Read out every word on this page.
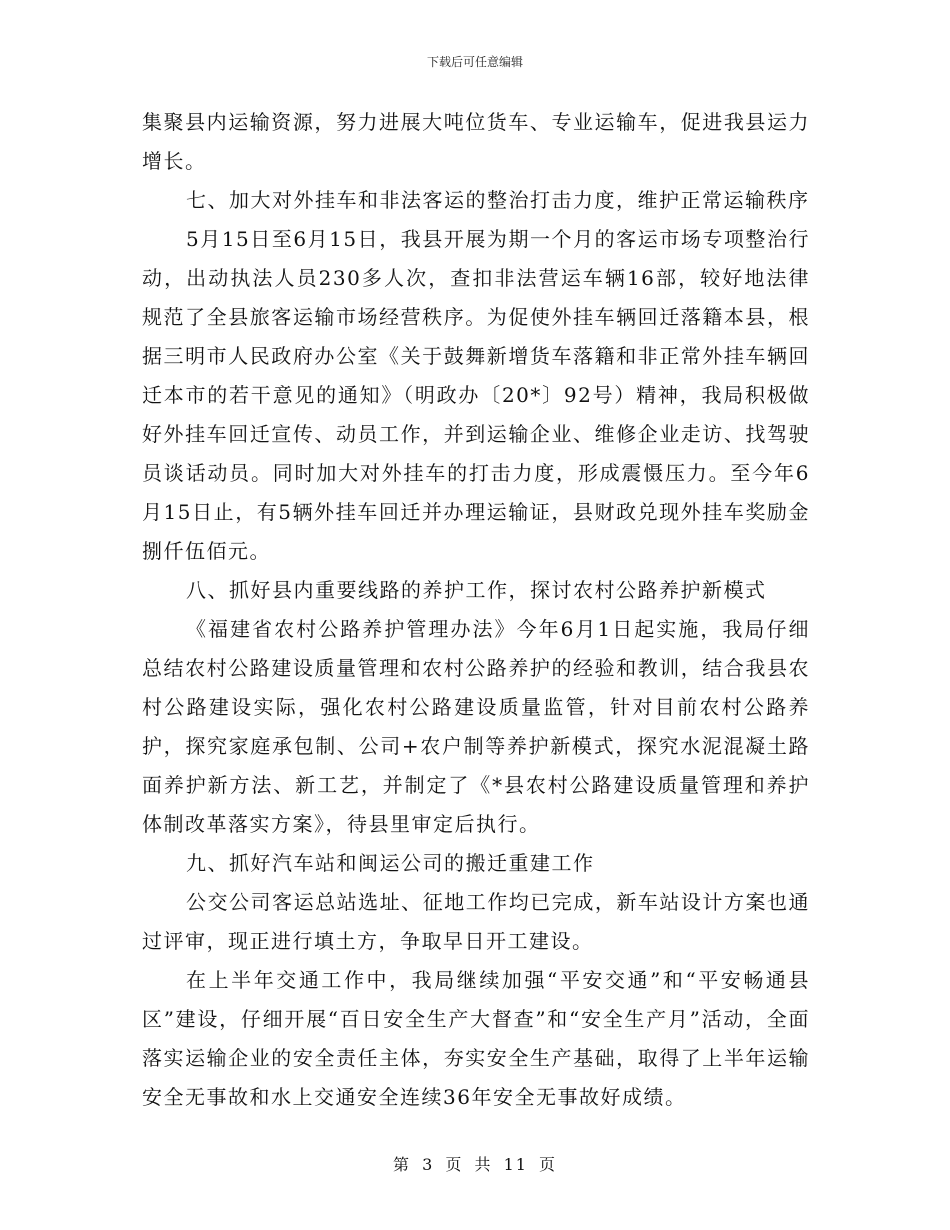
下载后可任意编辑

集聚县内运输资源，努力进展大吨位货车、专业运输车，促进我县运力增长。

七、加大对外挂车和非法客运的整治打击力度，维护正常运输秩序

5月15日至6月15日，我县开展为期一个月的客运市场专项整治行动，出动执法人员230多人次，查扣非法营运车辆16部，较好地法律规范了全县旅客运输市场经营秩序。为促使外挂车辆回迁落籍本县，根据三明市人民政府办公室《关于鼓舞新增货车落籍和非正常外挂车辆回迁本市的若干意见的通知》（明政办〔20*〕92号）精神，我局积极做好外挂车回迁宣传、动员工作，并到运输企业、维修企业走访、找驾驶员谈话动员。同时加大对外挂车的打击力度，形成震慑压力。至今年6月15日止，有5辆外挂车回迁并办理运输证，县财政兑现外挂车奖励金捌仟伍佰元。

八、抓好县内重要线路的养护工作，探讨农村公路养护新模式

《福建省农村公路养护管理办法》今年6月1日起实施，我局仔细总结农村公路建设质量管理和农村公路养护的经验和教训，结合我县农村公路建设实际，强化农村公路建设质量监管，针对目前农村公路养护，探究家庭承包制、公司+农户制等养护新模式，探究水泥混凝土路面养护新方法、新工艺，并制定了《*县农村公路建设质量管理和养护体制改革落实方案》，待县里审定后执行。

九、抓好汽车站和闽运公司的搬迁重建工作

公交公司客运总站选址、征地工作均已完成，新车站设计方案也通过评审，现正进行填土方，争取早日开工建设。

在上半年交通工作中，我局继续加强“平安交通”和“平安畅通县区”建设，仔细开展“百日安全生产大督查”和“安全生产月”活动，全面落实运输企业的安全责任主体，夯实安全生产基础，取得了上半年运输安全无事故和水上交通安全连续36年安全无事故好成绩。

第 3 页 共 11 页
